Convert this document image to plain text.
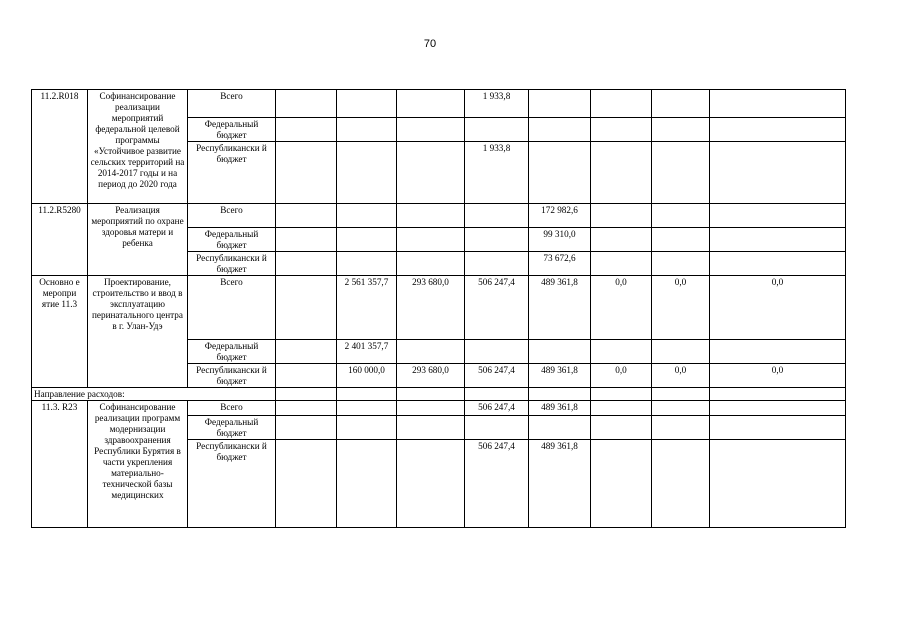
70
11.2.R018	Софинансирование реализации мероприятий федеральной целевой программы «Устойчивое развитие сельских территорий на 2014-2017 годы и на период до 2020 года	Всего				1 933,8				
		Федеральный бюджет								
		Республикански й бюджет				1 933,8				
11.2.R5280	Реализация мероприятий по охране здоровья матери и ребенка	Всего					172 982,6			
		Федеральный бюджет					99 310,0			
		Республикански й бюджет					73 672,6			
Основно е меропри ятие 11.3	Проектирование, строительство и ввод в эксплуатацию перинатального центра в г. Улан-Удэ	Всего		2 561 357,7	293 680,0	506 247,4	489 361,8	0,0	0,0	0,0
		Федеральный бюджет		2 401 357,7						
		Республикански й бюджет		160 000,0	293 680,0	506 247,4	489 361,8	0,0	0,0	0,0
Направление расходов:										
11.3. R23	Софинансирование реализации программ модернизации здравоохранения Республики Бурятия в части укрепления материально-технической базы медицинских	Всего				506 247,4	489 361,8			
		Федеральный бюджет								
		Республикански й бюджет				506 247,4	489 361,8			
